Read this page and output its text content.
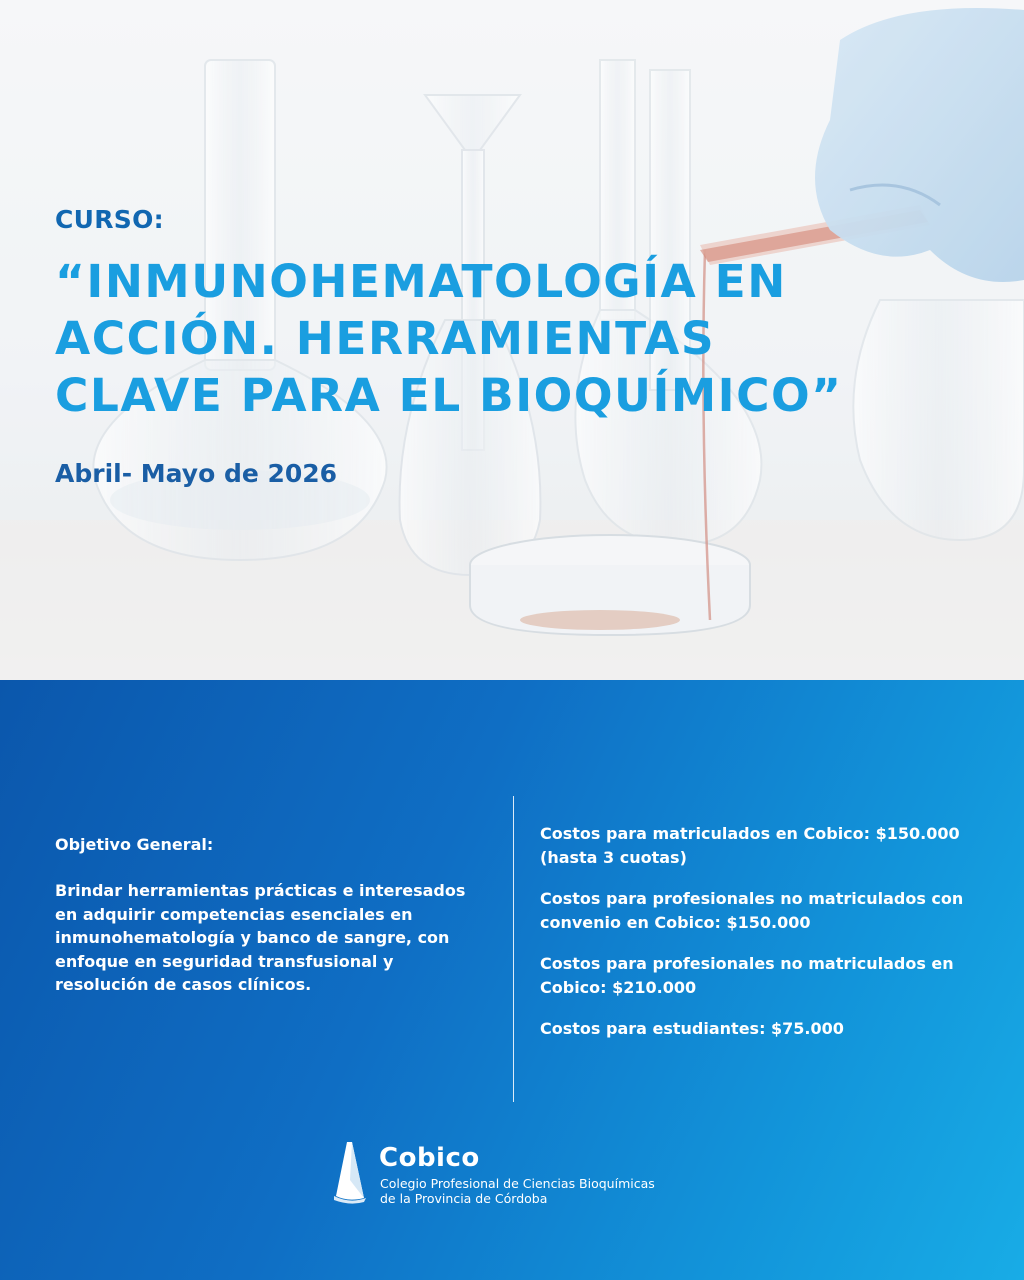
CURSO:

“INMUNOHEMATOLOGÍA EN
ACCIÓN. HERRAMIENTAS
CLAVE PARA EL BIOQUÍMICO”

Abril- Mayo de 2026

Objetivo General:

Brindar herramientas prácticas e interesados en adquirir competencias esenciales en inmunohematología y banco de sangre, con enfoque en seguridad transfusional y resolución de casos clínicos.

Costos para matriculados en Cobico: $150.000
(hasta 3 cuotas)

Costos para profesionales no matriculados con
convenio en Cobico: $150.000

Costos para profesionales no matriculados en
Cobico: $210.000

Costos para estudiantes: $75.000

Cobico

Colegio Profesional de Ciencias Bioquímicas
de la Provincia de Córdoba
